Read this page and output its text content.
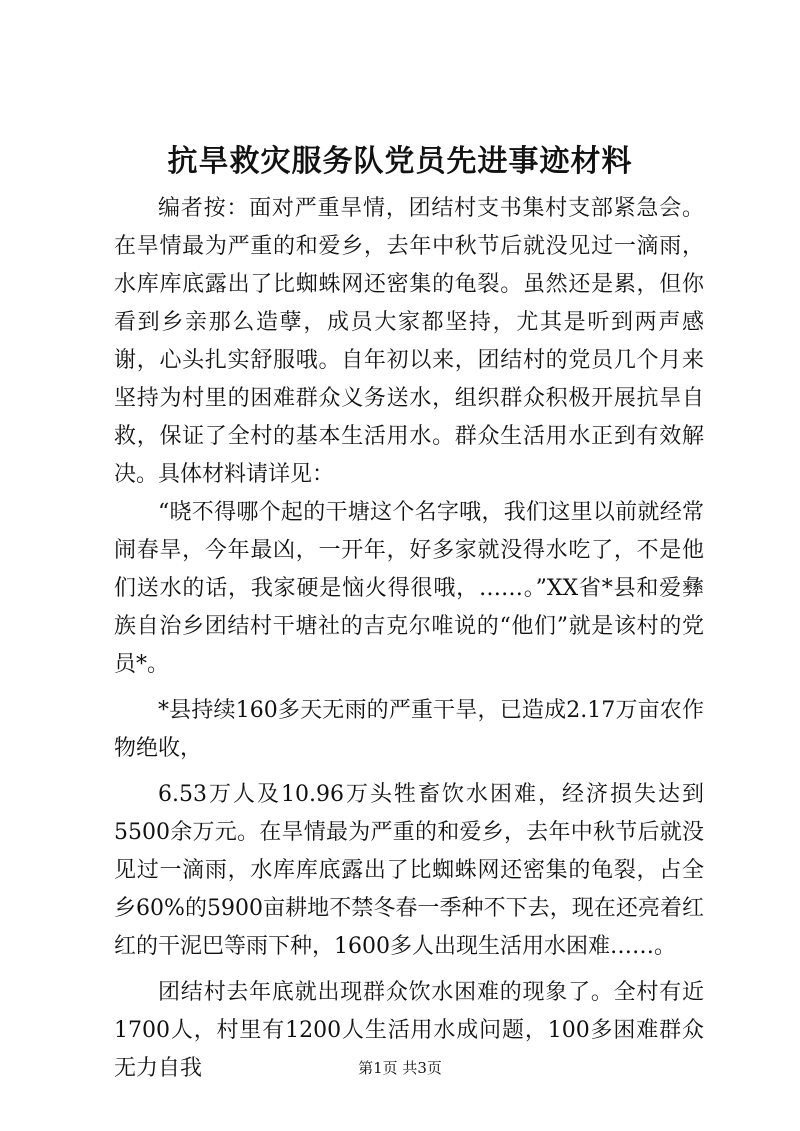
抗旱救灾服务队党员先进事迹材料

编者按：面对严重旱情，团结村支书集村支部紧急会。在旱情最为严重的和爱乡，去年中秋节后就没见过一滴雨，水库库底露出了比蜘蛛网还密集的龟裂。虽然还是累，但你看到乡亲那么造孽，成员大家都坚持，尤其是听到两声感谢，心头扎实舒服哦。自年初以来，团结村的党员几个月来坚持为村里的困难群众义务送水，组织群众积极开展抗旱自救，保证了全村的基本生活用水。群众生活用水正到有效解决。具体材料请详见：

“晓不得哪个起的干塘这个名字哦，我们这里以前就经常闹春旱，今年最凶，一开年，好多家就没得水吃了，不是他们送水的话，我家硬是恼火得很哦，……。”XX省*县和爱彝族自治乡团结村干塘社的吉克尔唯说的“他们”就是该村的党员*。

*县持续160多天无雨的严重干旱，已造成2.17万亩农作物绝收，

6.53万人及10.96万头牲畜饮水困难，经济损失达到5500余万元。在旱情最为严重的和爱乡，去年中秋节后就没见过一滴雨，水库库底露出了比蜘蛛网还密集的龟裂，占全乡60%的5900亩耕地不禁冬春一季种不下去，现在还亮着红红的干泥巴等雨下种，1600多人出现生活用水困难……。

团结村去年底就出现群众饮水困难的现象了。全村有近1700人，村里有1200人生活用水成问题，100多困难群众无力自我	第1页 共3页
